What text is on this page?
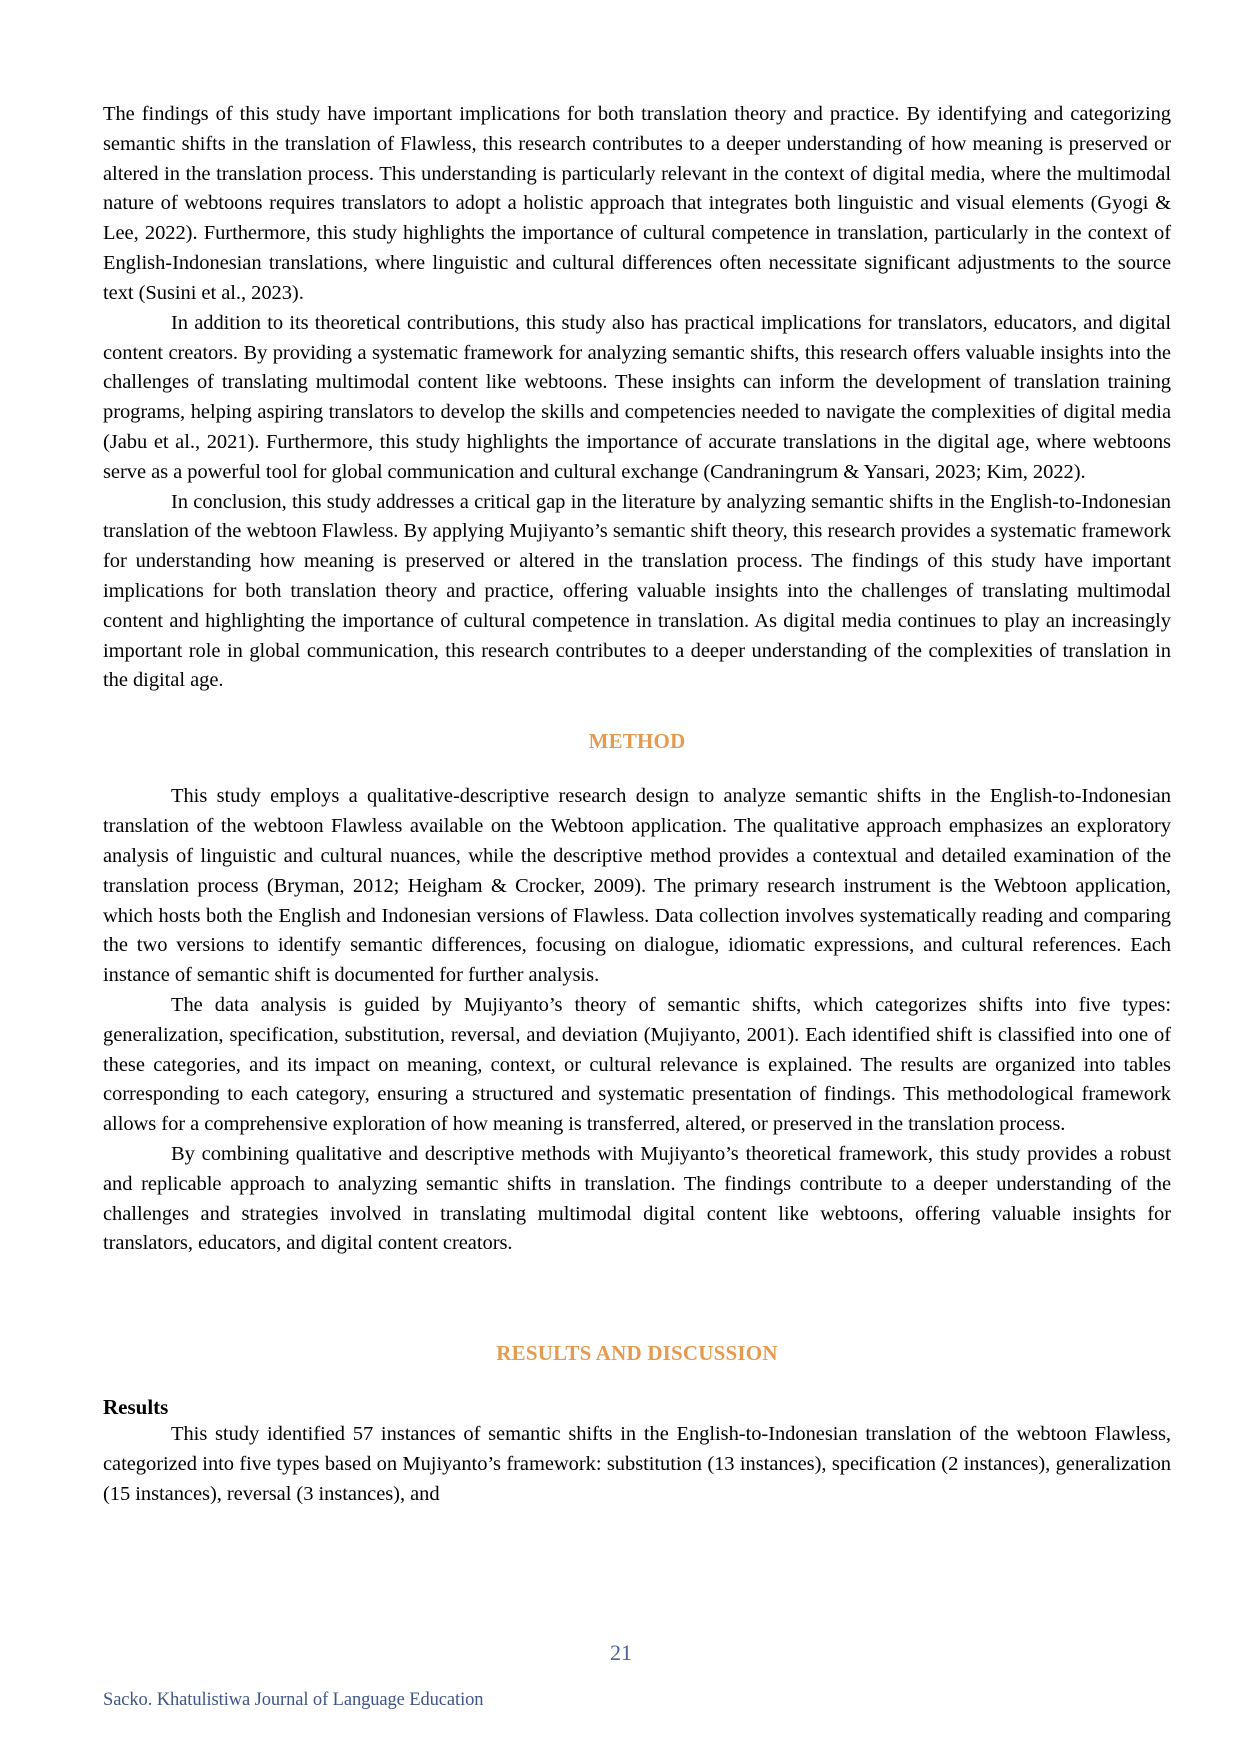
The findings of this study have important implications for both translation theory and practice. By identifying and categorizing semantic shifts in the translation of Flawless, this research contributes to a deeper understanding of how meaning is preserved or altered in the translation process. This understanding is particularly relevant in the context of digital media, where the multimodal nature of webtoons requires translators to adopt a holistic approach that integrates both linguistic and visual elements (Gyogi & Lee, 2022). Furthermore, this study highlights the importance of cultural competence in translation, particularly in the context of English-Indonesian translations, where linguistic and cultural differences often necessitate significant adjustments to the source text (Susini et al., 2023).

In addition to its theoretical contributions, this study also has practical implications for translators, educators, and digital content creators. By providing a systematic framework for analyzing semantic shifts, this research offers valuable insights into the challenges of translating multimodal content like webtoons. These insights can inform the development of translation training programs, helping aspiring translators to develop the skills and competencies needed to navigate the complexities of digital media (Jabu et al., 2021). Furthermore, this study highlights the importance of accurate translations in the digital age, where webtoons serve as a powerful tool for global communication and cultural exchange (Candraningrum & Yansari, 2023; Kim, 2022).

In conclusion, this study addresses a critical gap in the literature by analyzing semantic shifts in the English-to-Indonesian translation of the webtoon Flawless. By applying Mujiyanto’s semantic shift theory, this research provides a systematic framework for understanding how meaning is preserved or altered in the translation process. The findings of this study have important implications for both translation theory and practice, offering valuable insights into the challenges of translating multimodal content and highlighting the importance of cultural competence in translation. As digital media continues to play an increasingly important role in global communication, this research contributes to a deeper understanding of the complexities of translation in the digital age.

METHOD

This study employs a qualitative-descriptive research design to analyze semantic shifts in the English-to-Indonesian translation of the webtoon Flawless available on the Webtoon application. The qualitative approach emphasizes an exploratory analysis of linguistic and cultural nuances, while the descriptive method provides a contextual and detailed examination of the translation process (Bryman, 2012; Heigham & Crocker, 2009). The primary research instrument is the Webtoon application, which hosts both the English and Indonesian versions of Flawless. Data collection involves systematically reading and comparing the two versions to identify semantic differences, focusing on dialogue, idiomatic expressions, and cultural references. Each instance of semantic shift is documented for further analysis.

The data analysis is guided by Mujiyanto’s theory of semantic shifts, which categorizes shifts into five types: generalization, specification, substitution, reversal, and deviation (Mujiyanto, 2001). Each identified shift is classified into one of these categories, and its impact on meaning, context, or cultural relevance is explained. The results are organized into tables corresponding to each category, ensuring a structured and systematic presentation of findings. This methodological framework allows for a comprehensive exploration of how meaning is transferred, altered, or preserved in the translation process.

By combining qualitative and descriptive methods with Mujiyanto’s theoretical framework, this study provides a robust and replicable approach to analyzing semantic shifts in translation. The findings contribute to a deeper understanding of the challenges and strategies involved in translating multimodal digital content like webtoons, offering valuable insights for translators, educators, and digital content creators.

RESULTS AND DISCUSSION
Results

This study identified 57 instances of semantic shifts in the English-to-Indonesian translation of the webtoon Flawless, categorized into five types based on Mujiyanto’s framework: substitution (13 instances), specification (2 instances), generalization (15 instances), reversal (3 instances), and

21
Sacko. Khatulistiwa Journal of Language Education
